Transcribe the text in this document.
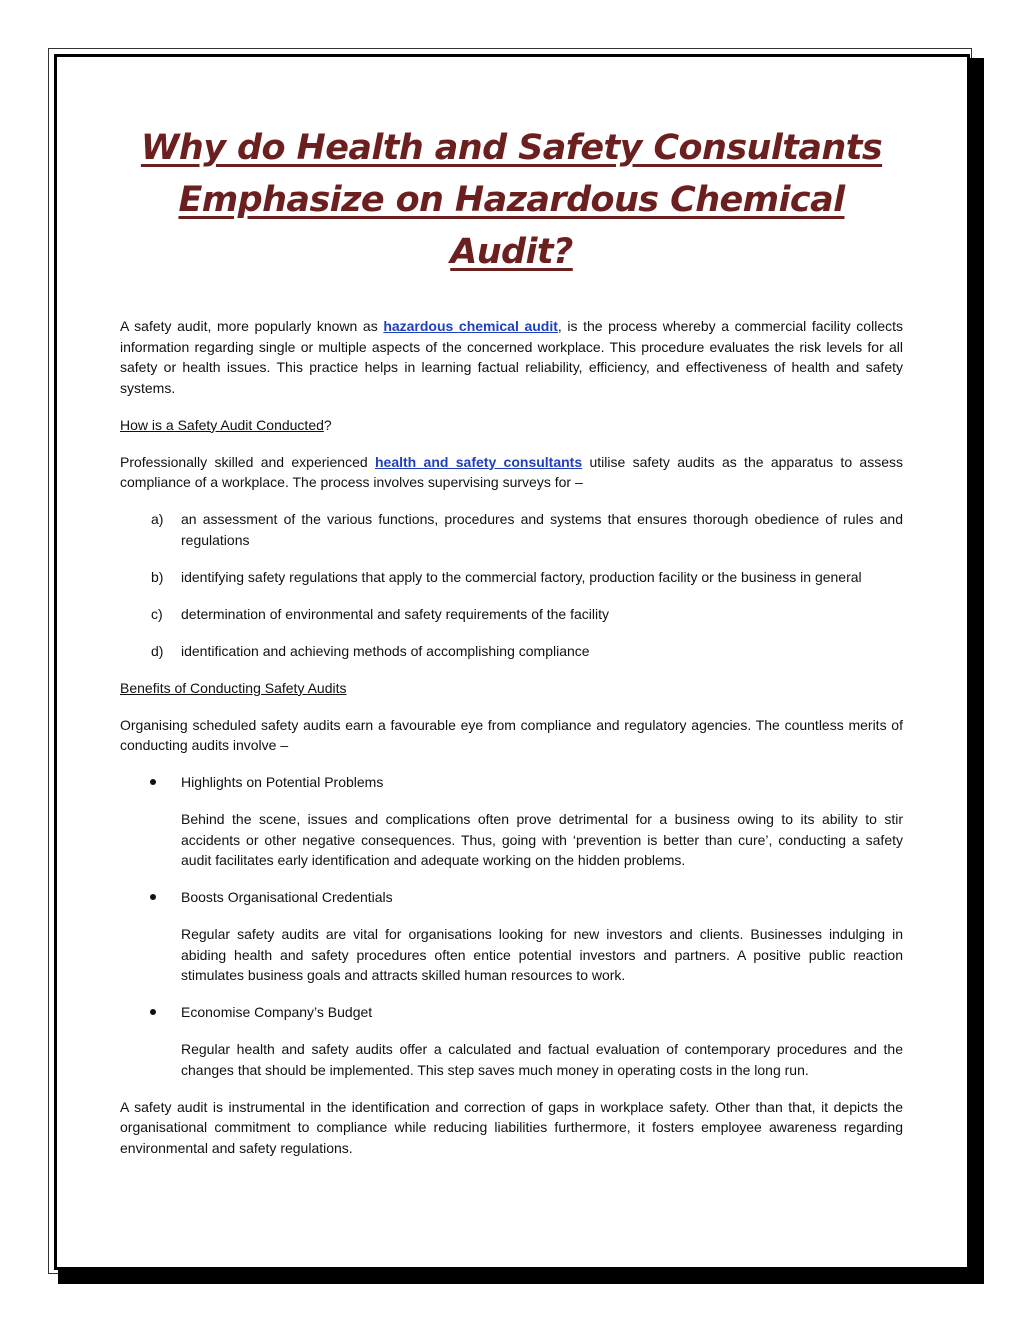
Why do Health and Safety Consultants
Emphasize on Hazardous Chemical Audit?

A safety audit, more popularly known as hazardous chemical audit, is the process whereby a commercial facility collects information regarding single or multiple aspects of the concerned workplace. This procedure evaluates the risk levels for all safety or health issues. This practice helps in learning factual reliability, efficiency, and effectiveness of health and safety systems.

How is a Safety Audit Conducted?

Professionally skilled and experienced health and safety consultants utilise safety audits as the apparatus to assess compliance of a workplace. The process involves supervising surveys for –

a) an assessment of the various functions, procedures and systems that ensures thorough obedience of rules and regulations
b) identifying safety regulations that apply to the commercial factory, production facility or the business in general
c) determination of environmental and safety requirements of the facility
d) identification and achieving methods of accomplishing compliance

Benefits of Conducting Safety Audits

Organising scheduled safety audits earn a favourable eye from compliance and regulatory agencies. The countless merits of conducting audits involve –

Highlights on Potential Problems

Behind the scene, issues and complications often prove detrimental for a business owing to its ability to stir accidents or other negative consequences. Thus, going with ‘prevention is better than cure’, conducting a safety audit facilitates early identification and adequate working on the hidden problems.

Boosts Organisational Credentials

Regular safety audits are vital for organisations looking for new investors and clients. Businesses indulging in abiding health and safety procedures often entice potential investors and partners. A positive public reaction stimulates business goals and attracts skilled human resources to work.

Economise Company’s Budget

Regular health and safety audits offer a calculated and factual evaluation of contemporary procedures and the changes that should be implemented. This step saves much money in operating costs in the long run.

A safety audit is instrumental in the identification and correction of gaps in workplace safety. Other than that, it depicts the organisational commitment to compliance while reducing liabilities furthermore, it fosters employee awareness regarding environmental and safety regulations.
